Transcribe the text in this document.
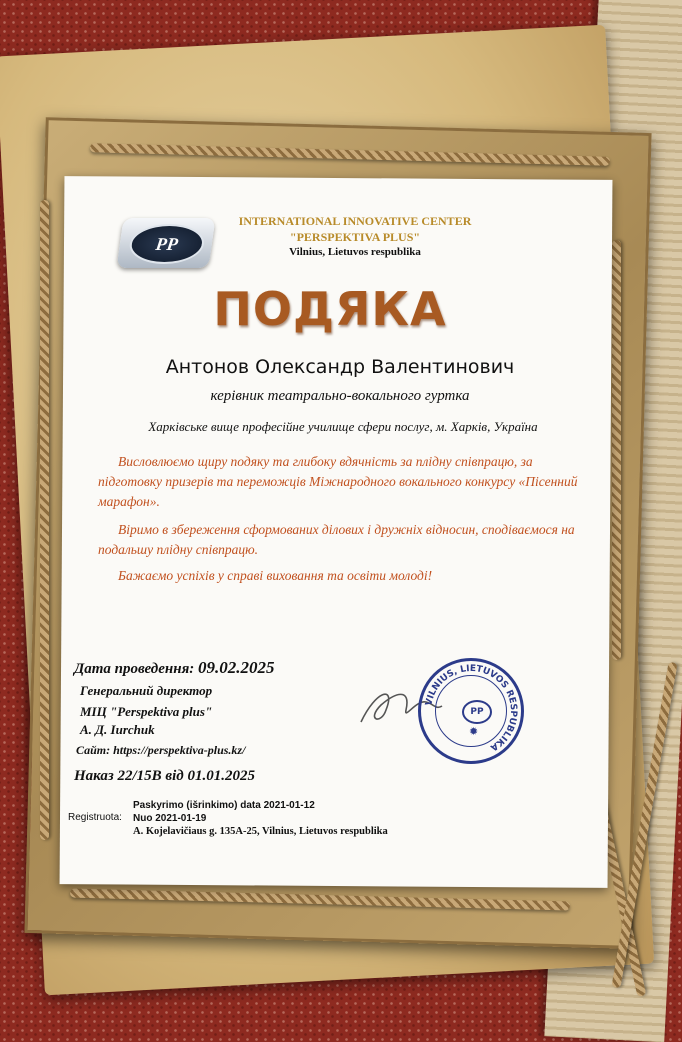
PP
INTERNATIONAL INNOVATIVE CENTER
"PERSPEKTIVA PLUS"
Vilnius, Lietuvos respublika
ПОДЯКА
Антонов Олександр Валентинович
керівник театрально-вокального гуртка
Харківське вище професійне училище сфери послуг, м. Харків, Україна
Висловлюємо щиру подяку та глибоку вдячність за плідну співпрацю, за підготовку призерів та переможців Міжнародного вокального конкурсу «Пісенний марафон».
Віримо в збереження сформованих ділових і дружніх відносин, сподіваємося на подальшу плідну співпрацю.
Бажаємо успіхів у справі виховання та освіти молоді!
Дата проведення: 09.02.2025
Генеральний директор
МІЦ "Perspektiva plus"
А. Д. Iurchuk
Сайт: https://perspektiva-plus.kz/
Наказ 22/15В від 01.01.2025
Registruota:
Paskyrimo (išrinkimo) data 2021-01-12
Nuo 2021-01-19
A. Kojelavičiaus g. 135A-25, Vilnius, Lietuvos respublika
VILNIUS, LIETUVOS RESPUBLIKA
PP
✹
